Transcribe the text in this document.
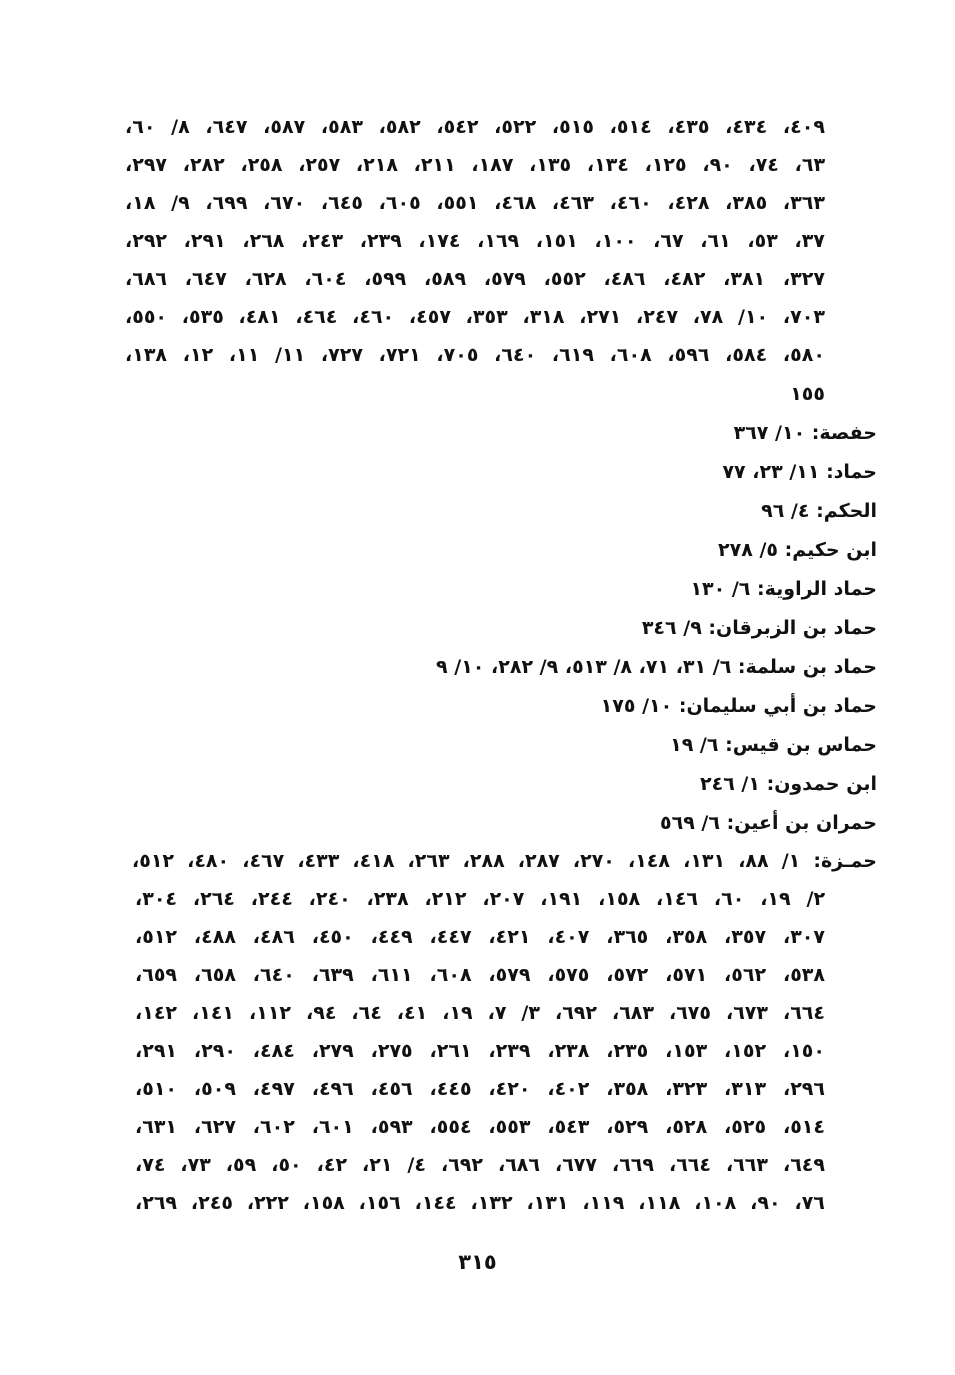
٤٠٩، ٤٣٤، ٤٣٥، ٥١٤، ٥١٥، ٥٢٢، ٥٤٢، ٥٨٢، ٥٨٣، ٥٨٧، ٦٤٧، ٨/ ٦٠،
٦٣، ٧٤، ٩٠، ١٢٥، ١٣٤، ١٣٥، ١٨٧، ٢١١، ٢١٨، ٢٥٧، ٢٥٨، ٢٨٢، ٢٩٧،
٣٦٣، ٣٨٥، ٤٢٨، ٤٦٠، ٤٦٣، ٤٦٨، ٥٥١، ٦٠٥، ٦٤٥، ٦٧٠، ٦٩٩، ٩/ ١٨،
٣٧، ٥٣، ٦١، ٦٧، ١٠٠، ١٥١، ١٦٩، ١٧٤، ٢٣٩، ٢٤٣، ٢٦٨، ٢٩١، ٢٩٢،
٣٢٧، ٣٨١، ٤٨٢، ٤٨٦، ٥٥٢، ٥٧٩، ٥٨٩، ٥٩٩، ٦٠٤، ٦٢٨، ٦٤٧، ٦٨٦،
٧٠٣، ١٠/ ٧٨، ٢٤٧، ٢٧١، ٣١٨، ٣٥٣، ٤٥٧، ٤٦٠، ٤٦٤، ٤٨١، ٥٣٥، ٥٥٠،
٥٨٠، ٥٨٤، ٥٩٦، ٦٠٨، ٦١٩، ٦٤٠، ٧٠٥، ٧٢١، ٧٢٧، ١١/ ١١، ١٢، ١٣٨،
١٥٥
حفصة: ١٠/ ٣٦٧
حماد: ١١/ ٢٣، ٧٧
الحكم: ٤/ ٩٦
ابن حكيم: ٥/ ٢٧٨
حماد الراوية: ٦/ ١٣٠
حماد بن الزبرقان: ٩/ ٣٤٦
حماد بن سلمة: ٦/ ٣١، ٧١، ٨/ ٥١٣، ٩/ ٢٨٢، ١٠/ ٩
حماد بن أبي سليمان: ١٠/ ١٧٥
حماس بن قيس: ٦/ ١٩
ابن حمدون: ١/ ٢٤٦
حمران بن أعين: ٦/ ٥٦٩
حمـزة: ١/ ٨٨، ١٣١، ١٤٨، ٢٧٠، ٢٨٧، ٢٨٨، ٢٦٣، ٤١٨، ٤٣٣، ٤٦٧، ٤٨٠، ٥١٢،
٢/ ١٩، ٦٠، ١٤٦، ١٥٨، ١٩١، ٢٠٧، ٢١٢، ٢٣٨، ٢٤٠، ٢٤٤، ٢٦٤، ٣٠٤،
٣٠٧، ٣٥٧، ٣٥٨، ٣٦٥، ٤٠٧، ٤٢١، ٤٤٧، ٤٤٩، ٤٥٠، ٤٨٦، ٤٨٨، ٥١٢،
٥٣٨، ٥٦٢، ٥٧١، ٥٧٢، ٥٧٥، ٥٧٩، ٦٠٨، ٦١١، ٦٣٩، ٦٤٠، ٦٥٨، ٦٥٩،
٦٦٤، ٦٧٣، ٦٧٥، ٦٨٣، ٦٩٢، ٣/ ٧، ١٩، ٤١، ٦٤، ٩٤، ١١٢، ١٤١، ١٤٢،
١٥٠، ١٥٢، ١٥٣، ٢٣٥، ٢٣٨، ٢٣٩، ٢٦١، ٢٧٥، ٢٧٩، ٤٨٤، ٢٩٠، ٢٩١،
٢٩٦، ٣١٣، ٣٢٣، ٣٥٨، ٤٠٢، ٤٢٠، ٤٤٥، ٤٥٦، ٤٩٦، ٤٩٧، ٥٠٩، ٥١٠،
٥١٤، ٥٢٥، ٥٢٨، ٥٢٩، ٥٤٣، ٥٥٣، ٥٥٤، ٥٩٣، ٦٠١، ٦٠٢، ٦٢٧، ٦٣١،
٦٤٩، ٦٦٣، ٦٦٤، ٦٦٩، ٦٧٧، ٦٨٦، ٦٩٢، ٤/ ٢١، ٤٢، ٥٠، ٥٩، ٧٣، ٧٤،
٧٦، ٩٠، ١٠٨، ١١٨، ١١٩، ١٣١، ١٣٢، ١٤٤، ١٥٦، ١٥٨، ٢٢٢، ٢٤٥، ٢٦٩،
٣١٥
